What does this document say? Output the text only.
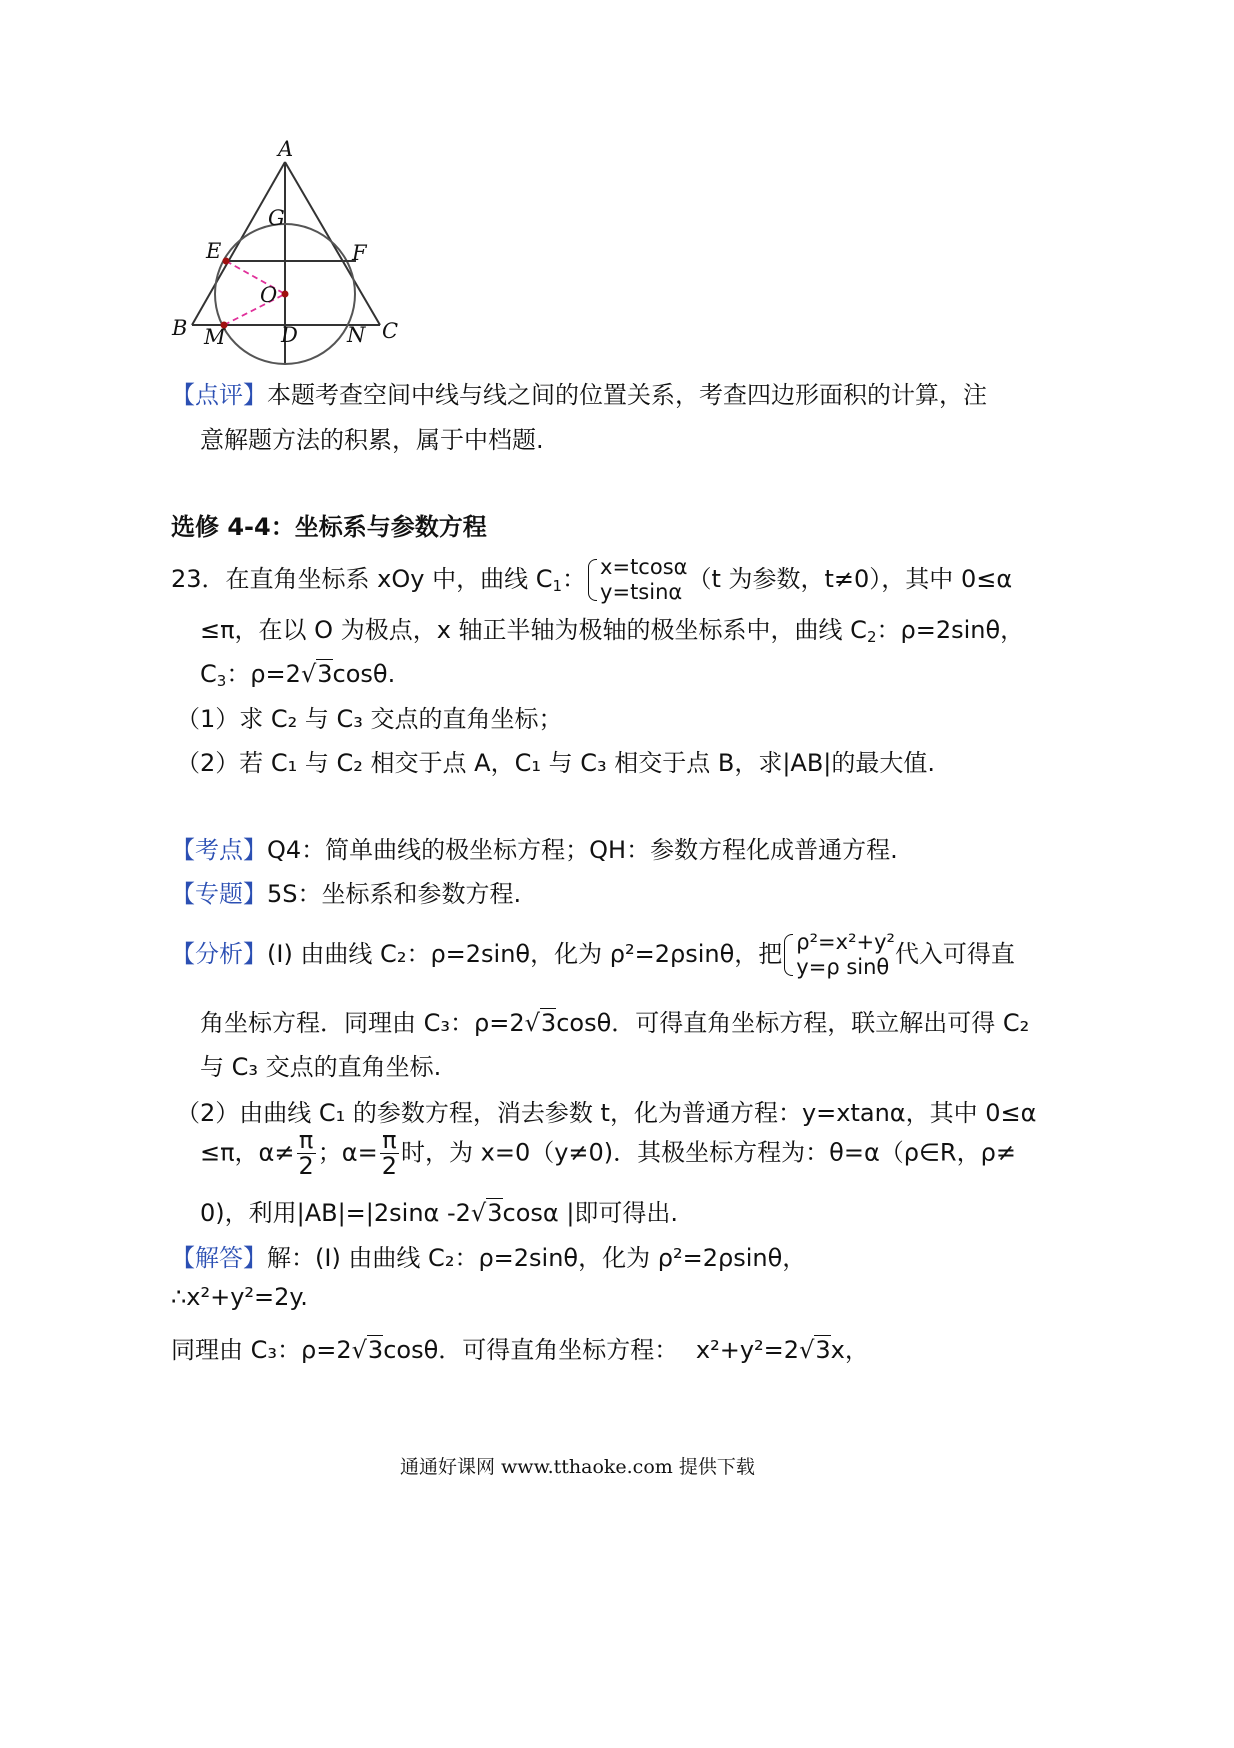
A
G
E	F
O
B M	D N C
【点评】本题考查空间中线与线之间的位置关系，考查四边形面积的计算，注
意解题方法的积累，属于中档题.
选修 4-4：坐标系与参数方程
23．在直角坐标系 xOy 中，曲线 $C_1$： x=tcosα
y=tsinα （t 为参数，t≠0），其中 0≤α
≤π，在以 O 为极点，x 轴正半轴为极轴的极坐标系中，曲线 $C_2$：ρ=2sinθ，
$C_3$：ρ=2√3cosθ.
（1）求 C₂ 与 C₃ 交点的直角坐标；
（2）若 C₁ 与 C₂ 相交于点 A，C₁ 与 C₃ 相交于点 B，求|AB|的最大值.
【考点】Q4：简单曲线的极坐标方程；QH：参数方程化成普通方程.
【专题】5S：坐标系和参数方程.
【分析】(I) 由曲线 C₂：ρ=2sinθ，化为 ρ²=2ρsinθ，把 ρ²=x²+y²
y=ρ sinθ 代入可得直
角坐标方程．同理由 C₃：ρ=2√3cosθ．可得直角坐标方程，联立解出可得 C₂
与 C₃ 交点的直角坐标.
（2）由曲线 C₁ 的参数方程，消去参数 t，化为普通方程：y=xtanα，其中 0≤α
≤π，$\alpha\ne \frac{\pi}{2}$ ；$\alpha= \frac{\pi}{2}$ 时，为 x=0（y≠0)．其极坐标方程为：θ=α（ρ∈R，ρ≠
0)，利用|AB|=|2sinα -2√3cosα |即可得出.
【解答】解：(I) 由曲线 C₂：ρ=2sinθ，化为 ρ²=2ρsinθ，
∴x²+y²=2y.
同理由 C₃：ρ=2√3cosθ．可得直角坐标方程： x²+y²=2√3x，
通通好课网 www.tthaoke.com 提供下载
